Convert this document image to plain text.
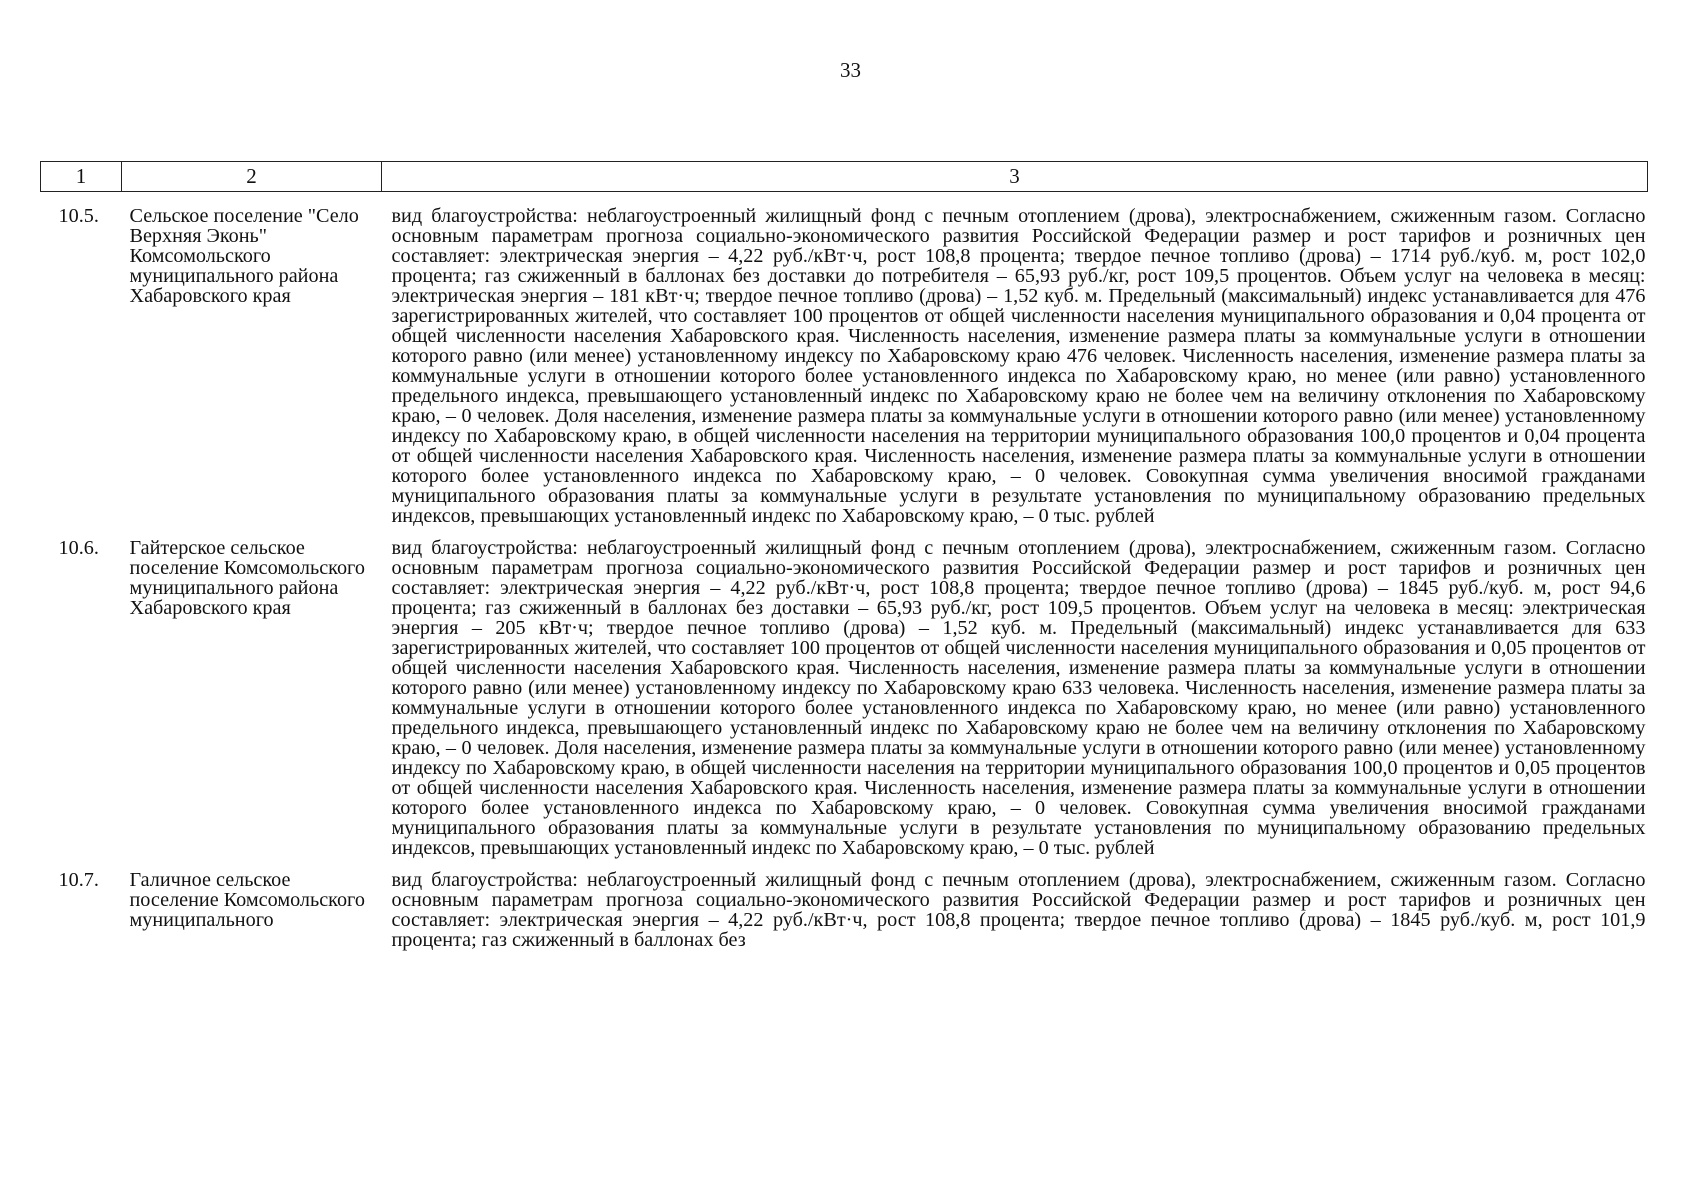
33
1	2	3
10.5.	Сельское поселение "Село Верхняя Эконь" Комсомольского муниципального района Хабаровского края	вид благоустройства: неблагоустроенный жилищный фонд с печным отоплением (дрова), электроснабжением, сжиженным газом. Согласно основным параметрам прогноза социально-экономического развития Российской Федерации размер и рост тарифов и розничных цен составляет: электрическая энергия – 4,22 руб./кВт·ч, рост 108,8 процента; твердое печное топливо (дрова) – 1714 руб./куб. м, рост 102,0 процента; газ сжиженный в баллонах без доставки до потребителя – 65,93 руб./кг, рост 109,5 процентов. Объем услуг на человека в месяц: электрическая энергия – 181 кВт·ч; твердое печное топливо (дрова) – 1,52 куб. м. Предельный (максимальный) индекс устанавливается для 476 зарегистрированных жителей, что составляет 100 процентов от общей численности населения муниципального образования и 0,04 процента от общей численности населения Хабаровского края. Численность населения, изменение размера платы за коммунальные услуги в отношении которого равно (или менее) установленному индексу по Хабаровскому краю 476 человек. Численность населения, изменение размера платы за коммунальные услуги в отношении которого более установленного индекса по Хабаровскому краю, но менее (или равно) установленного предельного индекса, превышающего установленный индекс по Хабаровскому краю не более чем на величину отклонения по Хабаровскому краю, – 0 человек. Доля населения, изменение размера платы за коммунальные услуги в отношении которого равно (или менее) установленному индексу по Хабаровскому краю, в общей численности населения на территории муниципального образования 100,0 процентов и 0,04 процента от общей численности населения Хабаровского края. Численность населения, изменение размера платы за коммунальные услуги в отношении которого более установленного индекса по Хабаровскому краю, – 0 человек. Совокупная сумма увеличения вносимой гражданами муниципального образования платы за коммунальные услуги в результате установления по муниципальному образованию предельных индексов, превышающих установленный индекс по Хабаровскому краю, – 0 тыс. рублей
10.6.	Гайтерское сельское поселение Комсомольского муниципального района Хабаровского края	вид благоустройства: неблагоустроенный жилищный фонд с печным отоплением (дрова), электроснабжением, сжиженным газом. Согласно основным параметрам прогноза социально-экономического развития Российской Федерации размер и рост тарифов и розничных цен составляет: электрическая энергия – 4,22 руб./кВт·ч, рост 108,8 процента; твердое печное топливо (дрова) – 1845 руб./куб. м, рост 94,6 процента; газ сжиженный в баллонах без доставки – 65,93 руб./кг, рост 109,5 процентов. Объем услуг на человека в месяц: электрическая энергия – 205 кВт·ч; твердое печное топливо (дрова) – 1,52 куб. м. Предельный (максимальный) индекс устанавливается для 633 зарегистрированных жителей, что составляет 100 процентов от общей численности населения муниципального образования и 0,05 процентов от общей численности населения Хабаровского края. Численность населения, изменение размера платы за коммунальные услуги в отношении которого равно (или менее) установленному индексу по Хабаровскому краю 633 человека. Численность населения, изменение размера платы за коммунальные услуги в отношении которого более установленного индекса по Хабаровскому краю, но менее (или равно) установленного предельного индекса, превышающего установленный индекс по Хабаровскому краю не более чем на величину отклонения по Хабаровскому краю, – 0 человек. Доля населения, изменение размера платы за коммунальные услуги в отношении которого равно (или менее) установленному индексу по Хабаровскому краю, в общей численности населения на территории муниципального образования 100,0 процентов и 0,05 процентов от общей численности населения Хабаровского края. Численность населения, изменение размера платы за коммунальные услуги в отношении которого более установленного индекса по Хабаровскому краю, – 0 человек. Совокупная сумма увеличения вносимой гражданами муниципального образования платы за коммунальные услуги в результате установления по муниципальному образованию предельных индексов, превышающих установленный индекс по Хабаровскому краю, – 0 тыс. рублей
10.7.	Галичное сельское поселение Комсомольского муниципального	вид благоустройства: неблагоустроенный жилищный фонд с печным отоплением (дрова), электроснабжением, сжиженным газом. Согласно основным параметрам прогноза социально-экономического развития Российской Федерации размер и рост тарифов и розничных цен составляет: электрическая энергия – 4,22 руб./кВт·ч, рост 108,8 процента; твердое печное топливо (дрова) – 1845 руб./куб. м, рост 101,9 процента; газ сжиженный в баллонах без
